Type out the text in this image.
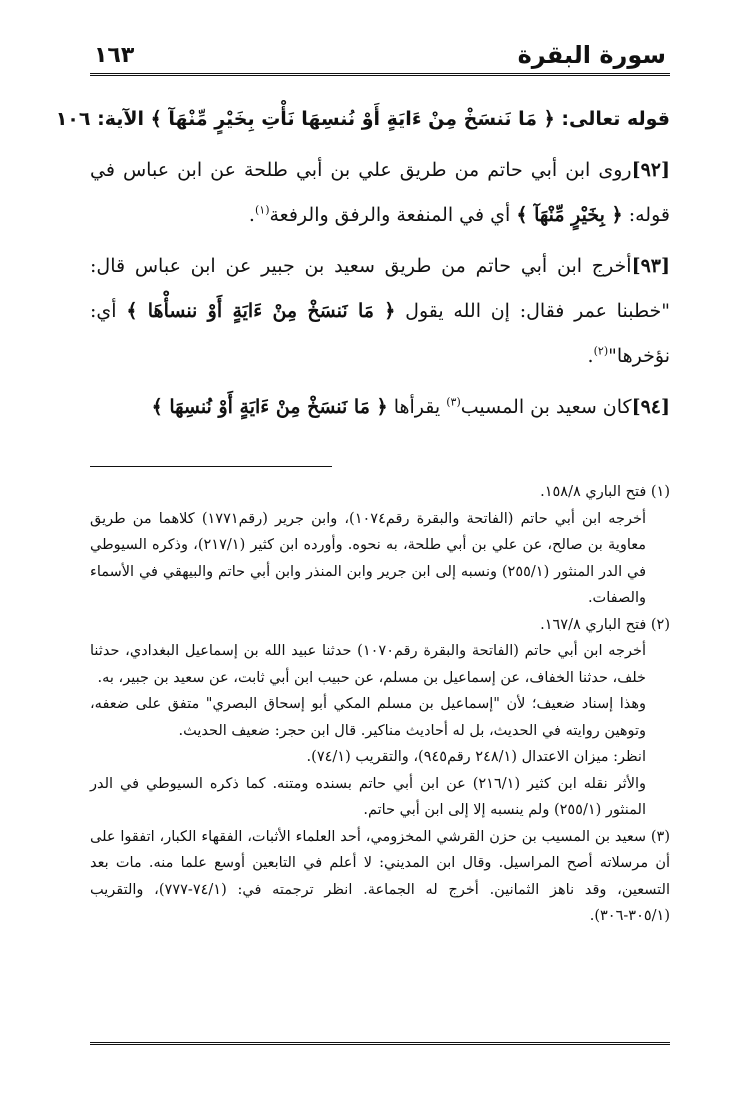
سورة البقرة
١٦٣
قوله تعالى: ﴿ مَا نَنسَخْ مِنْ ءَايَةٍ أَوْ نُنسِهَا نَأْتِ بِخَيْرٍ مِّنْهَآ ﴾ الآية: ١٠٦

[٩٢]روى ابن أبي حاتم من طريق علي بن أبي طلحة عن ابن عباس في قوله: ﴿ بِخَيْرٍ مِّنْهَآ ﴾ أي في المنفعة والرفق والرفعة$^{(١)}$.

[٩٣]أخرج ابن أبي حاتم من طريق سعيد بن جبير عن ابن عباس قال: "خطبنا عمر فقال: إن الله يقول ﴿ مَا نَنسَخْ مِنْ ءَايَةٍ أَوْ ننسأْهَا ﴾ أي: نؤخرها"$^{(٢)}$.

[٩٤]كان سعيد بن المسيب$^{(٣)}$ يقرأها ﴿ مَا نَنسَخْ مِنْ ءَايَةٍ أَوْ نُنسِهَا ﴾

(١) فتح الباري ١٥٨/٨.

أخرجه ابن أبي حاتم (الفاتحة والبقرة رقم١٠٧٤)، وابن جرير (رقم١٧٧١) كلاهما من طريق معاوية بن صالح، عن علي بن أبي طلحة، به نحوه. وأورده ابن كثير (٢١٧/١)، وذكره السيوطي في الدر المنثور (٢٥٥/١) ونسبه إلى ابن جرير وابن المنذر وابن أبي حاتم والبيهقي في الأسماء والصفات.

(٢) فتح الباري ١٦٧/٨.

أخرجه ابن أبي حاتم (الفاتحة والبقرة رقم١٠٧٠) حدثنا عبيد الله بن إسماعيل البغدادي، حدثنا خلف، حدثنا الخفاف، عن إسماعيل بن مسلم، عن حبيب ابن أبي ثابت، عن سعيد بن جبير، به.

وهذا إسناد ضعيف؛ لأن "إسماعيل بن مسلم المكي أبو إسحاق البصري" متفق على ضعفه، وتوهين روايته في الحديث، بل له أحاديث مناكير. قال ابن حجر: ضعيف الحديث.

انظر: ميزان الاعتدال (٢٤٨/١ رقم٩٤٥)، والتقريب (٧٤/١).

والأثر نقله ابن كثير (٢١٦/١) عن ابن أبي حاتم بسنده ومتنه. كما ذكره السيوطي في الدر المنثور (٢٥٥/١) ولم ينسبه إلا إلى ابن أبي حاتم.

(٣) سعيد بن المسيب بن حزن القرشي المخزومي، أحد العلماء الأثبات، الفقهاء الكبار، اتفقوا على أن مرسلاته أصح المراسيل. وقال ابن المديني: لا أعلم في التابعين أوسع علما منه. مات بعد التسعين، وقد ناهز الثمانين. أخرج له الجماعة. انظر ترجمته في: (٧٤/١-٧٧٧)، والتقريب (٣٠٥/١-٣٠٦).
